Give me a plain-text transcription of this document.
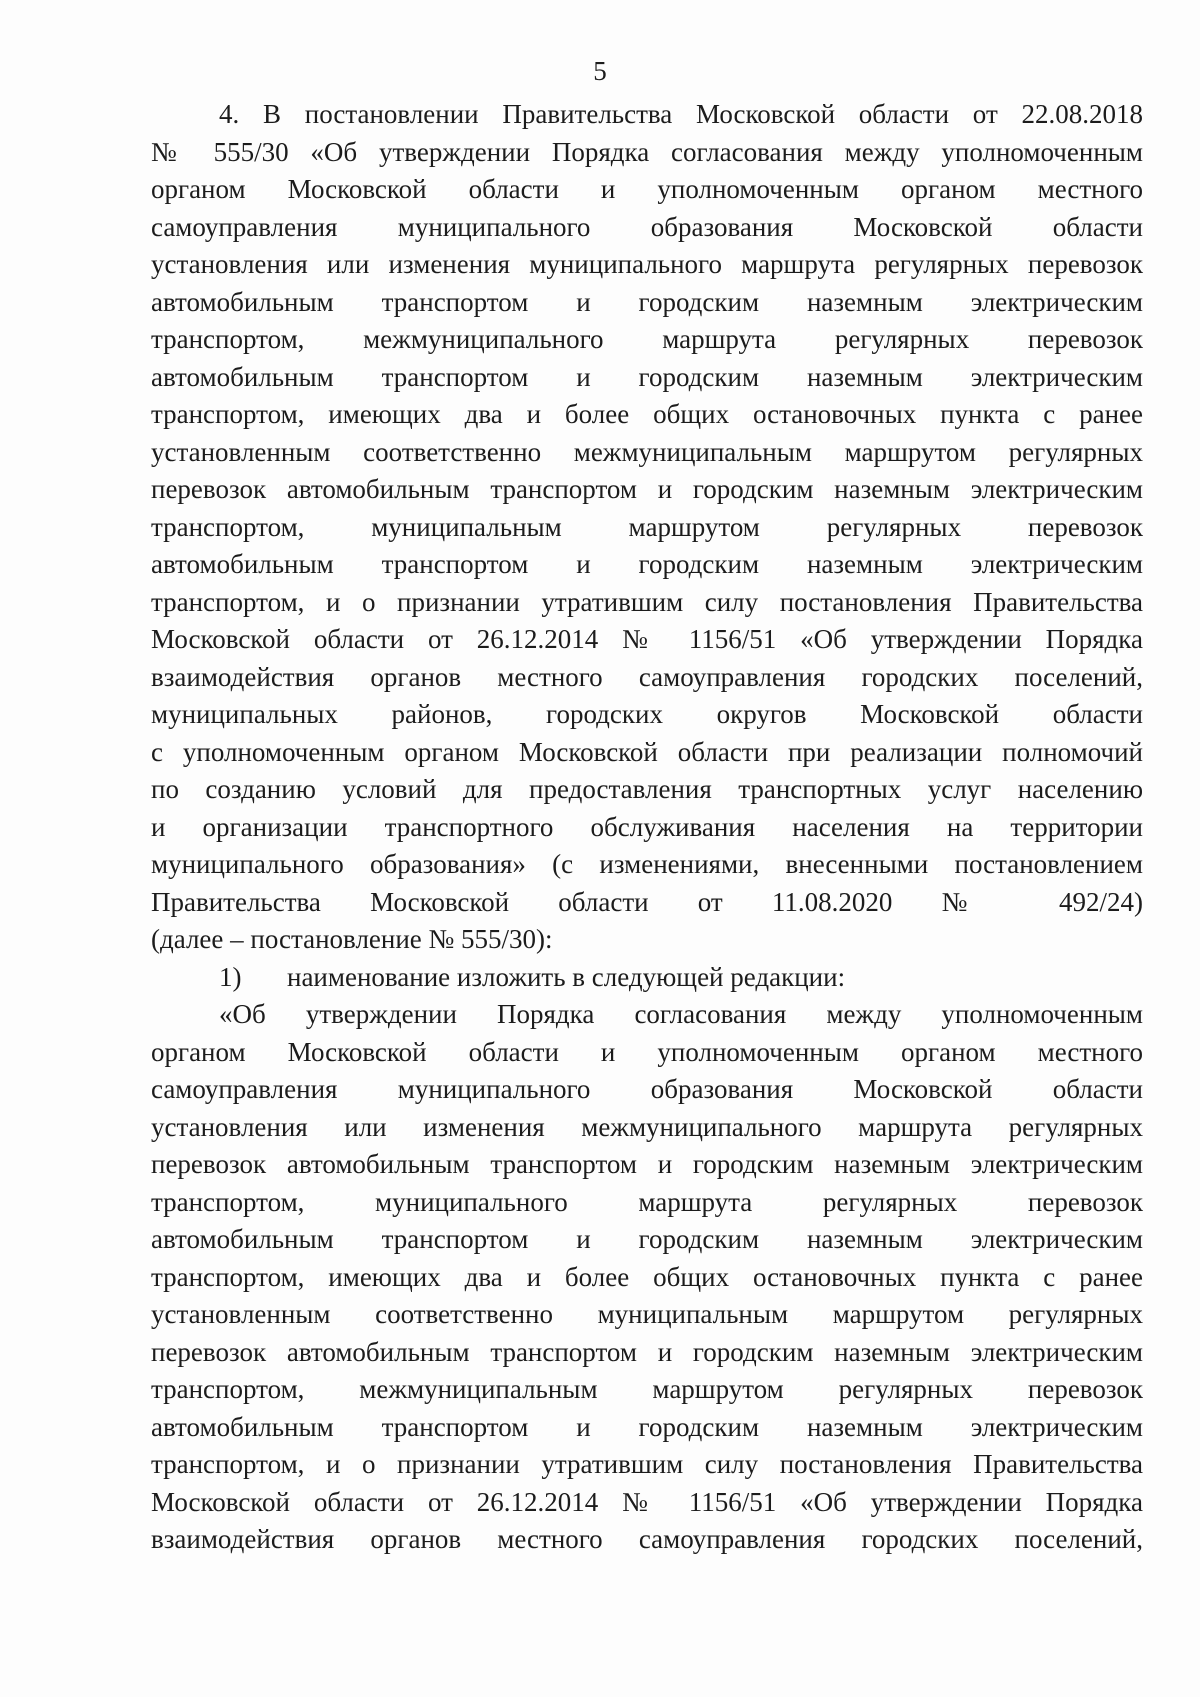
5
4. В постановлении Правительства Московской области от 22.08.2018
№ 555/30 «Об утверждении Порядка согласования между уполномоченным
органом Московской области и уполномоченным органом местного
самоуправления муниципального образования Московской области
установления или изменения муниципального маршрута регулярных перевозок
автомобильным транспортом и городским наземным электрическим
транспортом, межмуниципального маршрута регулярных перевозок
автомобильным транспортом и городским наземным электрическим
транспортом, имеющих два и более общих остановочных пункта с ранее
установленным соответственно межмуниципальным маршрутом регулярных
перевозок автомобильным транспортом и городским наземным электрическим
транспортом, муниципальным маршрутом регулярных перевозок
автомобильным транспортом и городским наземным электрическим
транспортом, и о признании утратившим силу постановления Правительства
Московской области от 26.12.2014 № 1156/51 «Об утверждении Порядка
взаимодействия органов местного самоуправления городских поселений,
муниципальных районов, городских округов Московской области
с уполномоченным органом Московской области при реализации полномочий
по созданию условий для предоставления транспортных услуг населению
и организации транспортного обслуживания населения на территории
муниципального образования» (с изменениями, внесенными постановлением
Правительства Московской области от 11.08.2020 № 492/24)
(далее – постановление № 555/30):
1) наименование изложить в следующей редакции:
«Об утверждении Порядка согласования между уполномоченным
органом Московской области и уполномоченным органом местного
самоуправления муниципального образования Московской области
установления или изменения межмуниципального маршрута регулярных
перевозок автомобильным транспортом и городским наземным электрическим
транспортом, муниципального маршрута регулярных перевозок
автомобильным транспортом и городским наземным электрическим
транспортом, имеющих два и более общих остановочных пункта с ранее
установленным соответственно муниципальным маршрутом регулярных
перевозок автомобильным транспортом и городским наземным электрическим
транспортом, межмуниципальным маршрутом регулярных перевозок
автомобильным транспортом и городским наземным электрическим
транспортом, и о признании утратившим силу постановления Правительства
Московской области от 26.12.2014 № 1156/51 «Об утверждении Порядка
взаимодействия органов местного самоуправления городских поселений,
